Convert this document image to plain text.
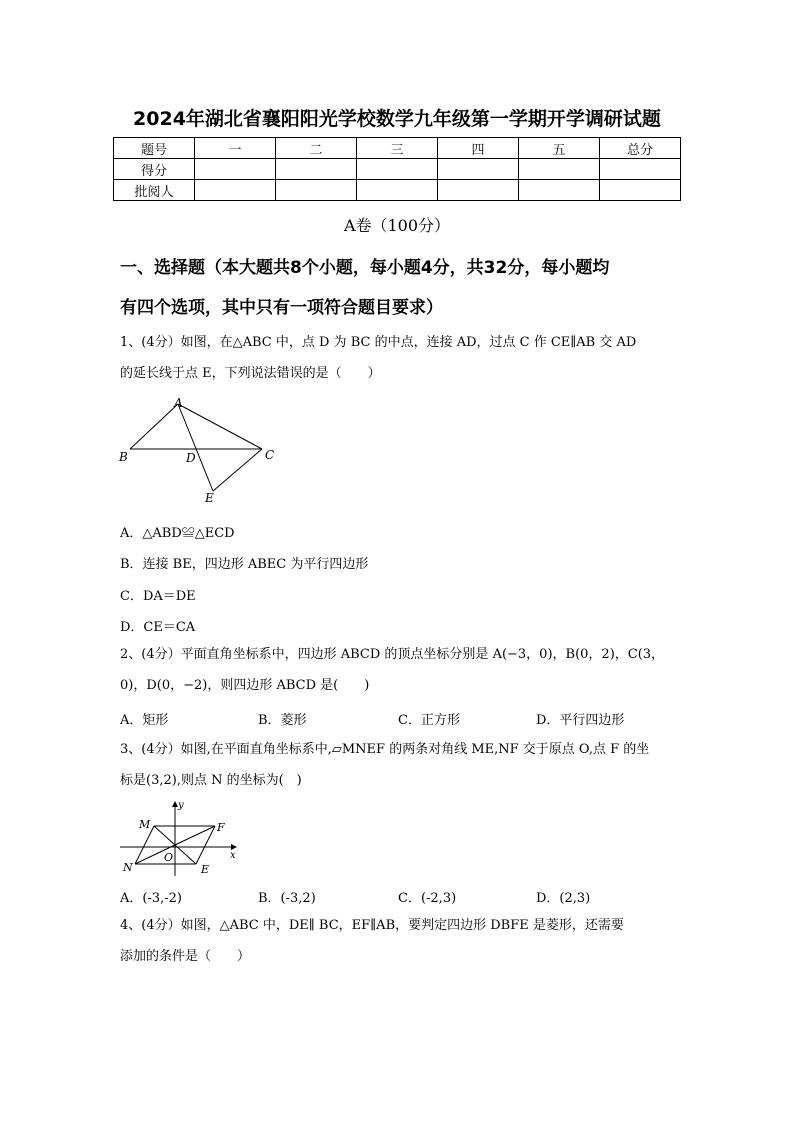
2024年湖北省襄阳阳光学校数学九年级第一学期开学调研试题
题号	一	二	三	四	五	总分
得分						
批阅人						
A卷（100分）
一、选择题（本大题共8个小题，每小题4分，共32分，每小题均
有四个选项，其中只有一项符合题目要求）
1、(4分）如图，在△ABC 中，点 D 为 BC 的中点，连接 AD，过点 C 作 CE∥AB 交 AD
的延长线于点 E，下列说法错误的是（　　）
A
B	C
D
E
A．△ABD≌△ECD
B．连接 BE，四边形 ABEC 为平行四边形
C．DA＝DE
D．CE＝CA
2、(4分）平面直角坐标系中，四边形 ABCD 的顶点坐标分别是 A(−3，0)，B(0，2)，C(3，
0)，D(0，−2)，则四边形 ABCD 是(　　)
A．矩形	B．菱形	C．正方形	D．平行四边形
3、(4分）如图,在平面直角坐标系中,▱MNEF 的两条对角线 ME,NF 交于原点 O,点 F 的坐
标是(3,2),则点 N 的坐标为(　)
y
x
M	F
N
O
E
A．(-3,-2)	B．(-3,2)	C．(-2,3)	D．(2,3)
4、(4分）如图，△ABC 中，DE∥ BC，EF∥AB，要判定四边形 DBFE 是菱形，还需要
添加的条件是（　　）
